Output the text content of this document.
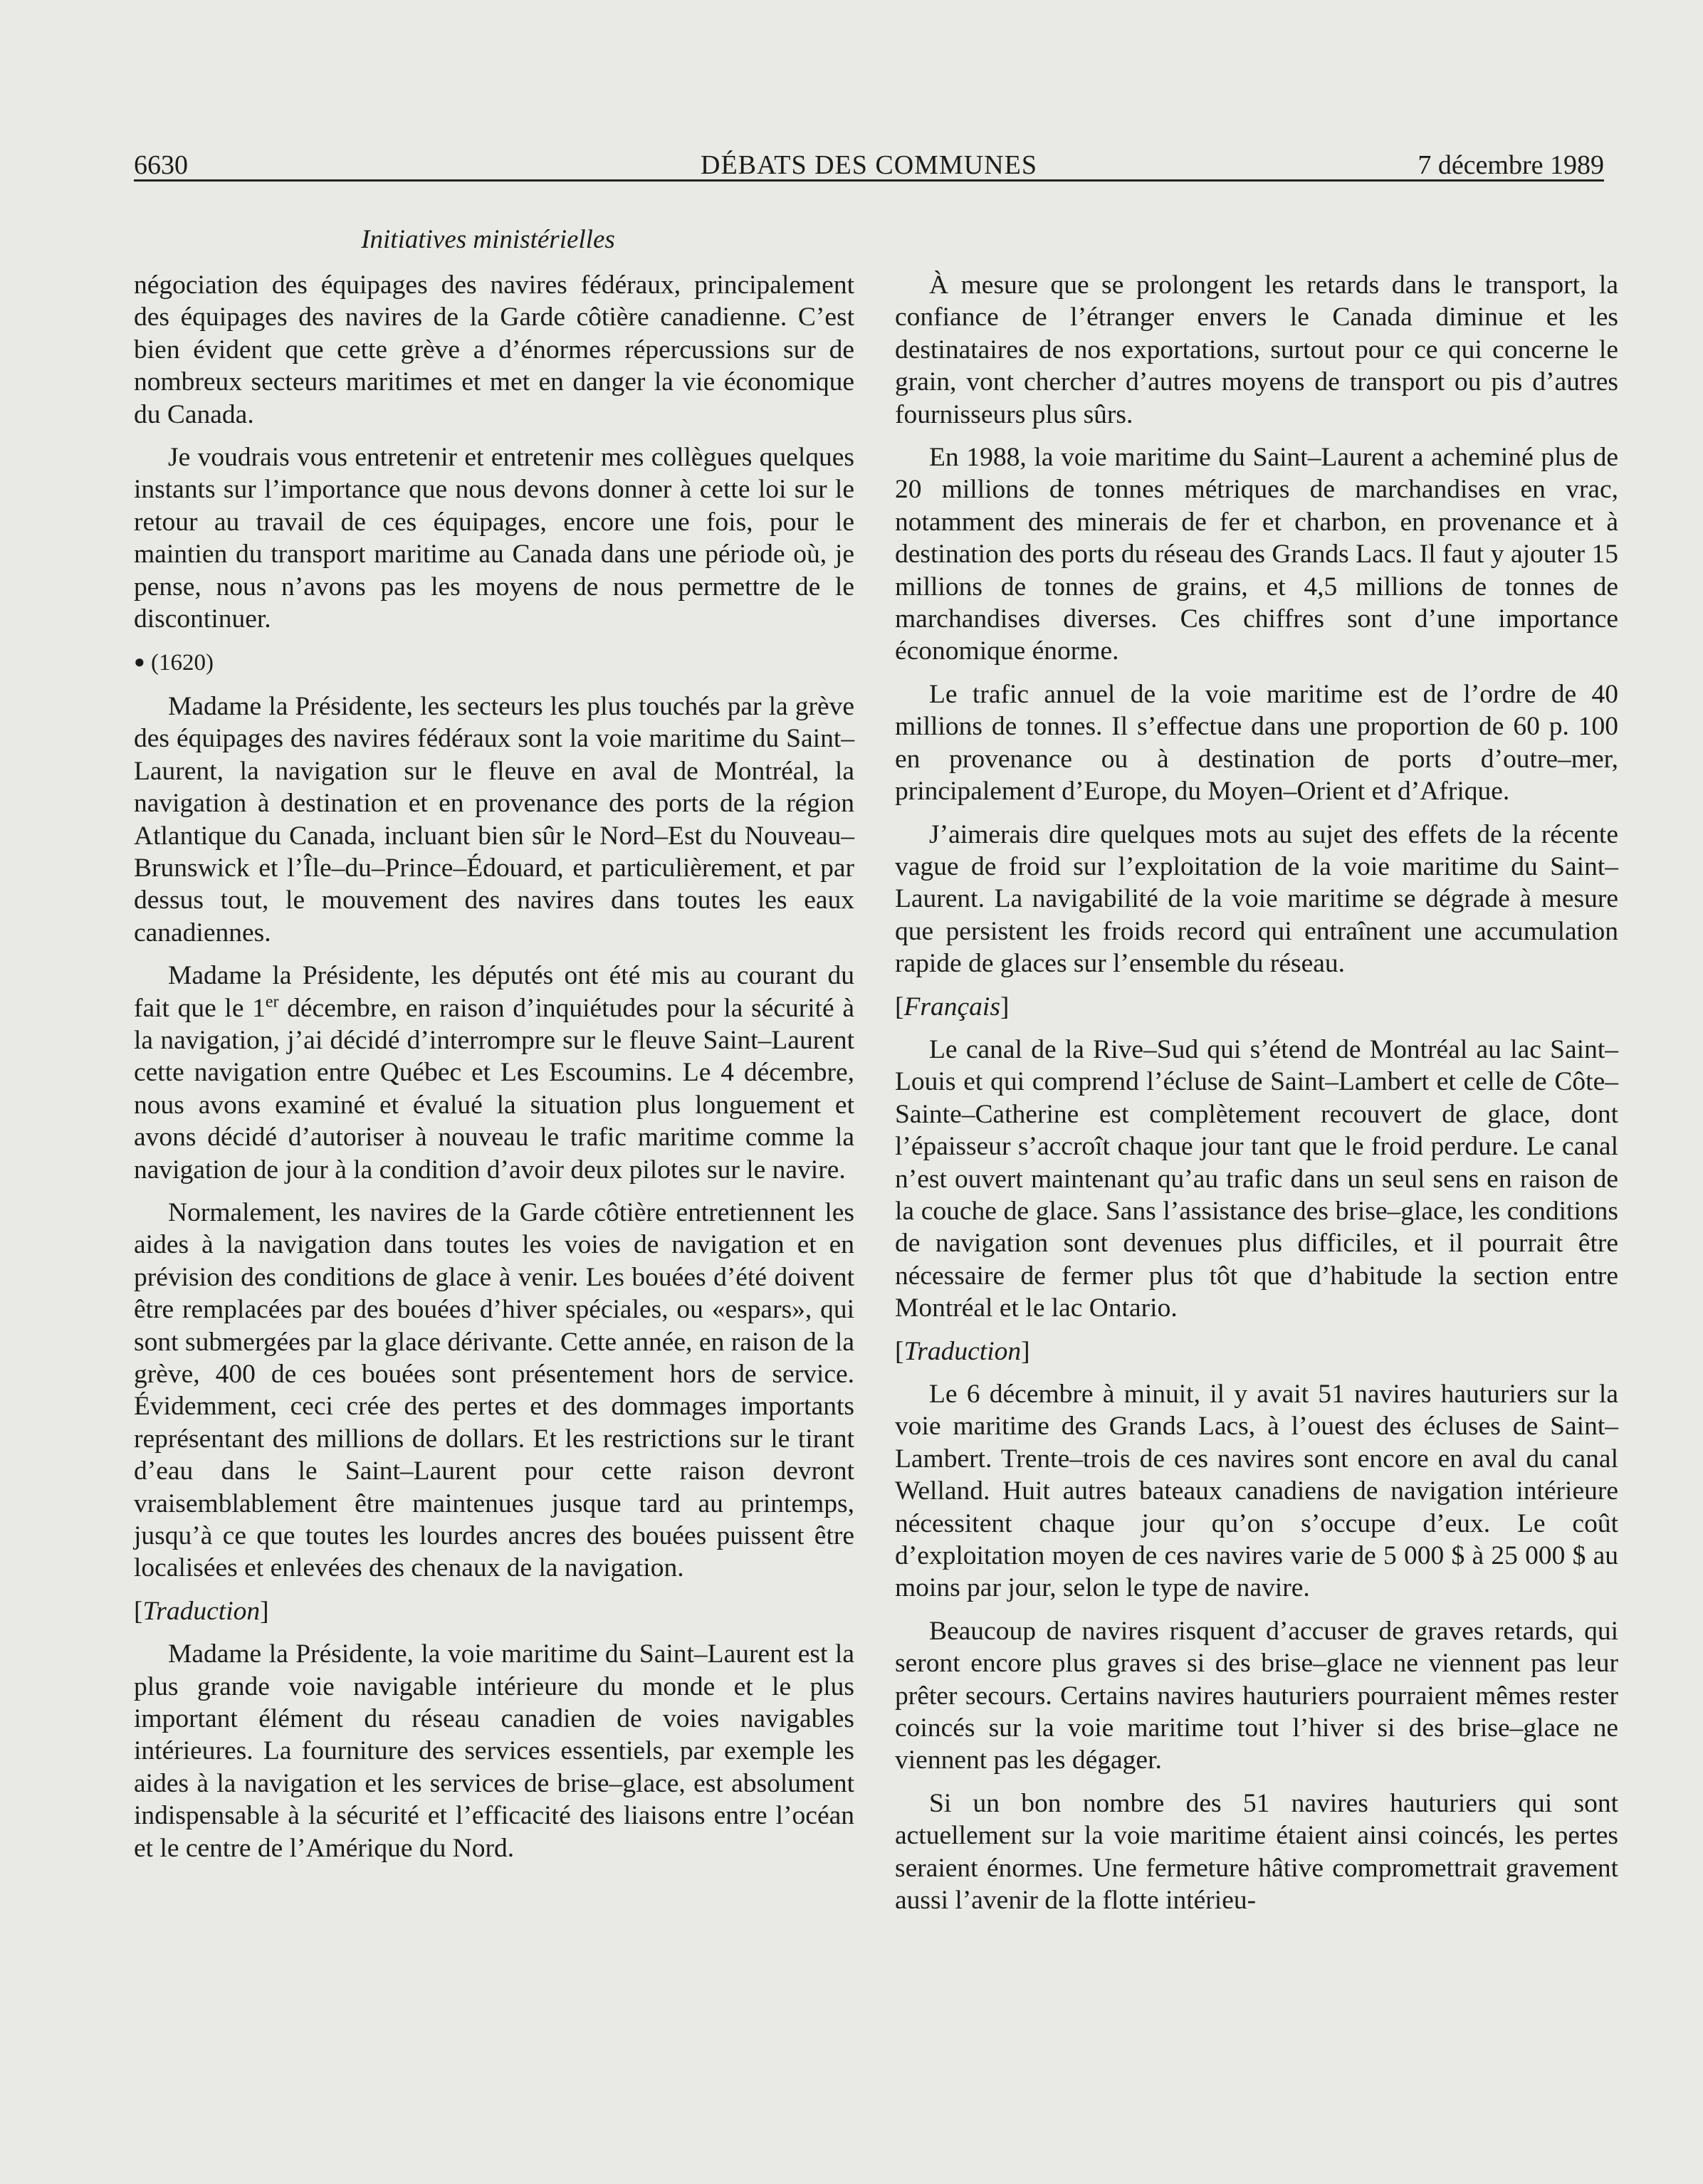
6630	DÉBATS DES COMMUNES	7 décembre 1989
Initiatives ministérielles

négociation des équipages des navires fédéraux, principalement des équipages des navires de la Garde côtière canadienne. C’est bien évident que cette grève a d’énormes répercussions sur de nombreux secteurs maritimes et met en danger la vie économique du Canada.

Je voudrais vous entretenir et entretenir mes collègues quelques instants sur l’importance que nous devons donner à cette loi sur le retour au travail de ces équipages, encore une fois, pour le maintien du transport maritime au Canada dans une période où, je pense, nous n’avons pas les moyens de nous permettre de le discontinuer.

● (1620)

Madame la Présidente, les secteurs les plus touchés par la grève des équipages des navires fédéraux sont la voie maritime du Saint–Laurent, la navigation sur le fleuve en aval de Montréal, la navigation à destination et en provenance des ports de la région Atlantique du Canada, incluant bien sûr le Nord–Est du Nouveau–Brunswick et l’Île–du–Prince–Édouard, et particulièrement, et par dessus tout, le mouvement des navires dans toutes les eaux canadiennes.

Madame la Présidente, les députés ont été mis au courant du fait que le 1er décembre, en raison d’inquiétudes pour la sécurité à la navigation, j’ai décidé d’interrompre sur le fleuve Saint–Laurent cette navigation entre Québec et Les Escoumins. Le 4 décembre, nous avons examiné et évalué la situation plus longuement et avons décidé d’autoriser à nouveau le trafic maritime comme la navigation de jour à la condition d’avoir deux pilotes sur le navire.

Normalement, les navires de la Garde côtière entretiennent les aides à la navigation dans toutes les voies de navigation et en prévision des conditions de glace à venir. Les bouées d’été doivent être remplacées par des bouées d’hiver spéciales, ou «espars», qui sont submergées par la glace dérivante. Cette année, en raison de la grève, 400 de ces bouées sont présentement hors de service. Évidemment, ceci crée des pertes et des dommages importants représentant des millions de dollars. Et les restrictions sur le tirant d’eau dans le Saint–Laurent pour cette raison devront vraisemblablement être maintenues jusque tard au printemps, jusqu’à ce que toutes les lourdes ancres des bouées puissent être localisées et enlevées des chenaux de la navigation.

[Traduction]

Madame la Présidente, la voie maritime du Saint–Laurent est la plus grande voie navigable intérieure du monde et le plus important élément du réseau canadien de voies navigables intérieures. La fourniture des services essentiels, par exemple les aides à la navigation et les services de brise–glace, est absolument indispensable à la sécurité et l’efficacité des liaisons entre l’océan et le centre de l’Amérique du Nord.

À mesure que se prolongent les retards dans le transport, la confiance de l’étranger envers le Canada diminue et les destinataires de nos exportations, surtout pour ce qui concerne le grain, vont chercher d’autres moyens de transport ou pis d’autres fournisseurs plus sûrs.

En 1988, la voie maritime du Saint–Laurent a acheminé plus de 20 millions de tonnes métriques de marchandises en vrac, notamment des minerais de fer et charbon, en provenance et à destination des ports du réseau des Grands Lacs. Il faut y ajouter 15 millions de tonnes de grains, et 4,5 millions de tonnes de marchandises diverses. Ces chiffres sont d’une importance économique énorme.

Le trafic annuel de la voie maritime est de l’ordre de 40 millions de tonnes. Il s’effectue dans une proportion de 60 p. 100 en provenance ou à destination de ports d’outre–mer, principalement d’Europe, du Moyen–Orient et d’Afrique.

J’aimerais dire quelques mots au sujet des effets de la récente vague de froid sur l’exploitation de la voie maritime du Saint–Laurent. La navigabilité de la voie maritime se dégrade à mesure que persistent les froids record qui entraînent une accumulation rapide de glaces sur l’ensemble du réseau.

[Français]

Le canal de la Rive–Sud qui s’étend de Montréal au lac Saint–Louis et qui comprend l’écluse de Saint–Lambert et celle de Côte–Sainte–Catherine est complètement recouvert de glace, dont l’épaisseur s’accroît chaque jour tant que le froid perdure. Le canal n’est ouvert maintenant qu’au trafic dans un seul sens en raison de la couche de glace. Sans l’assistance des brise–glace, les conditions de navigation sont devenues plus difficiles, et il pourrait être nécessaire de fermer plus tôt que d’habitude la section entre Montréal et le lac Ontario.

[Traduction]

Le 6 décembre à minuit, il y avait 51 navires hauturiers sur la voie maritime des Grands Lacs, à l’ouest des écluses de Saint–Lambert. Trente–trois de ces navires sont encore en aval du canal Welland. Huit autres bateaux canadiens de navigation intérieure nécessitent chaque jour qu’on s’occupe d’eux. Le coût d’exploitation moyen de ces navires varie de 5 000 $ à 25 000 $ au moins par jour, selon le type de navire.

Beaucoup de navires risquent d’accuser de graves retards, qui seront encore plus graves si des brise–glace ne viennent pas leur prêter secours. Certains navires hauturiers pourraient mêmes rester coincés sur la voie maritime tout l’hiver si des brise–glace ne viennent pas les dégager.

Si un bon nombre des 51 navires hauturiers qui sont actuellement sur la voie maritime étaient ainsi coincés, les pertes seraient énormes. Une fermeture hâtive compromettrait gravement aussi l’avenir de la flotte intérieu-
